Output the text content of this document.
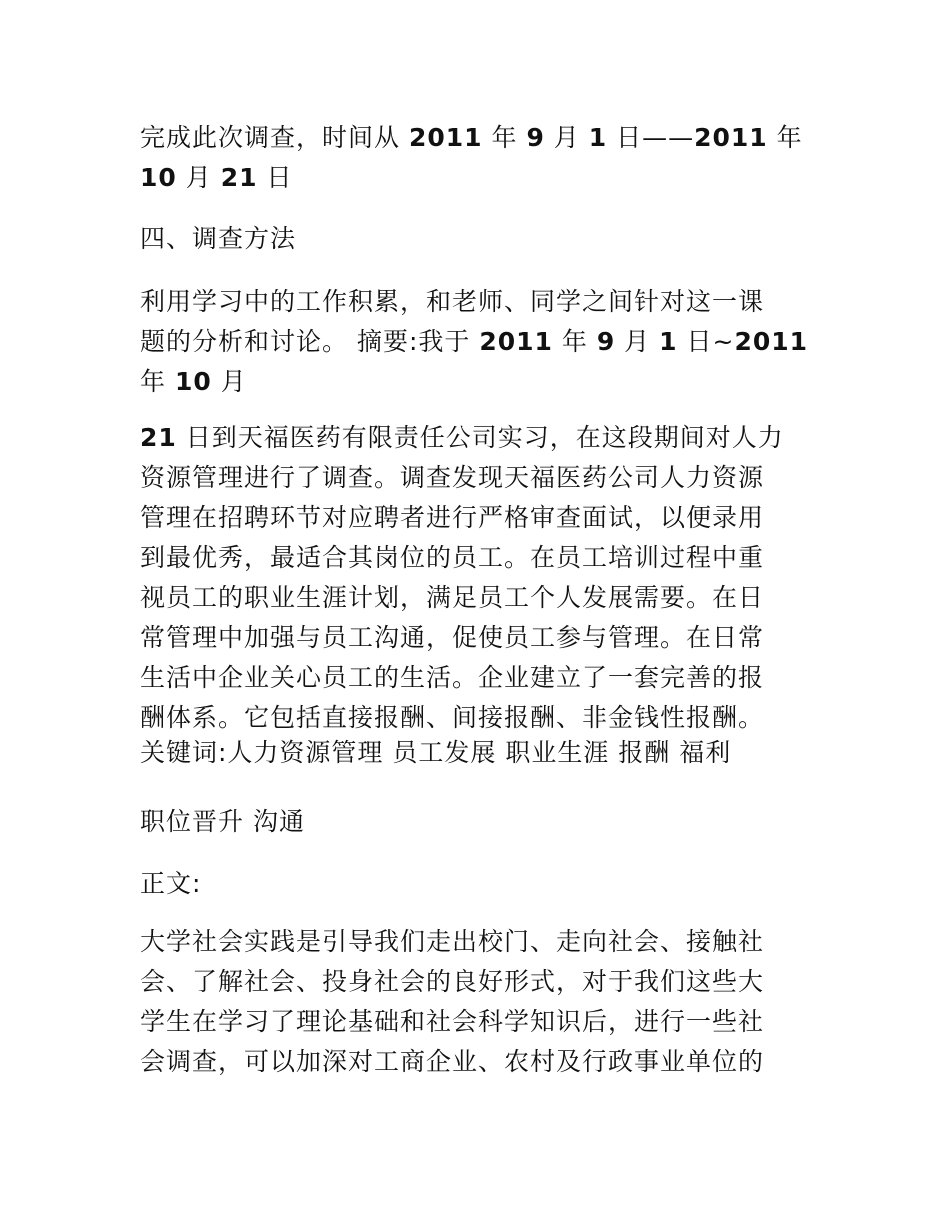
完成此次调查，时间从 2011 年 9 月 1 日——2011 年
10 月 21 日
四、调查方法
利用学习中的工作积累，和老师、同学之间针对这一课
题的分析和讨论。 摘要:我于 2011 年 9 月 1 日~2011
年 10 月
21 日到天福医药有限责任公司实习，在这段期间对人力
资源管理进行了调查。调查发现天福医药公司人力资源
管理在招聘环节对应聘者进行严格审查面试，以便录用
到最优秀，最适合其岗位的员工。在员工培训过程中重
视员工的职业生涯计划，满足员工个人发展需要。在日
常管理中加强与员工沟通，促使员工参与管理。在日常
生活中企业关心员工的生活。企业建立了一套完善的报
酬体系。它包括直接报酬、间接报酬、非金钱性报酬。
关键词:人力资源管理 员工发展 职业生涯 报酬 福利
职位晋升 沟通
正文:
大学社会实践是引导我们走出校门、走向社会、接触社
会、了解社会、投身社会的良好形式，对于我们这些大
学生在学习了理论基础和社会科学知识后，进行一些社
会调查，可以加深对工商企业、农村及行政事业单位的
